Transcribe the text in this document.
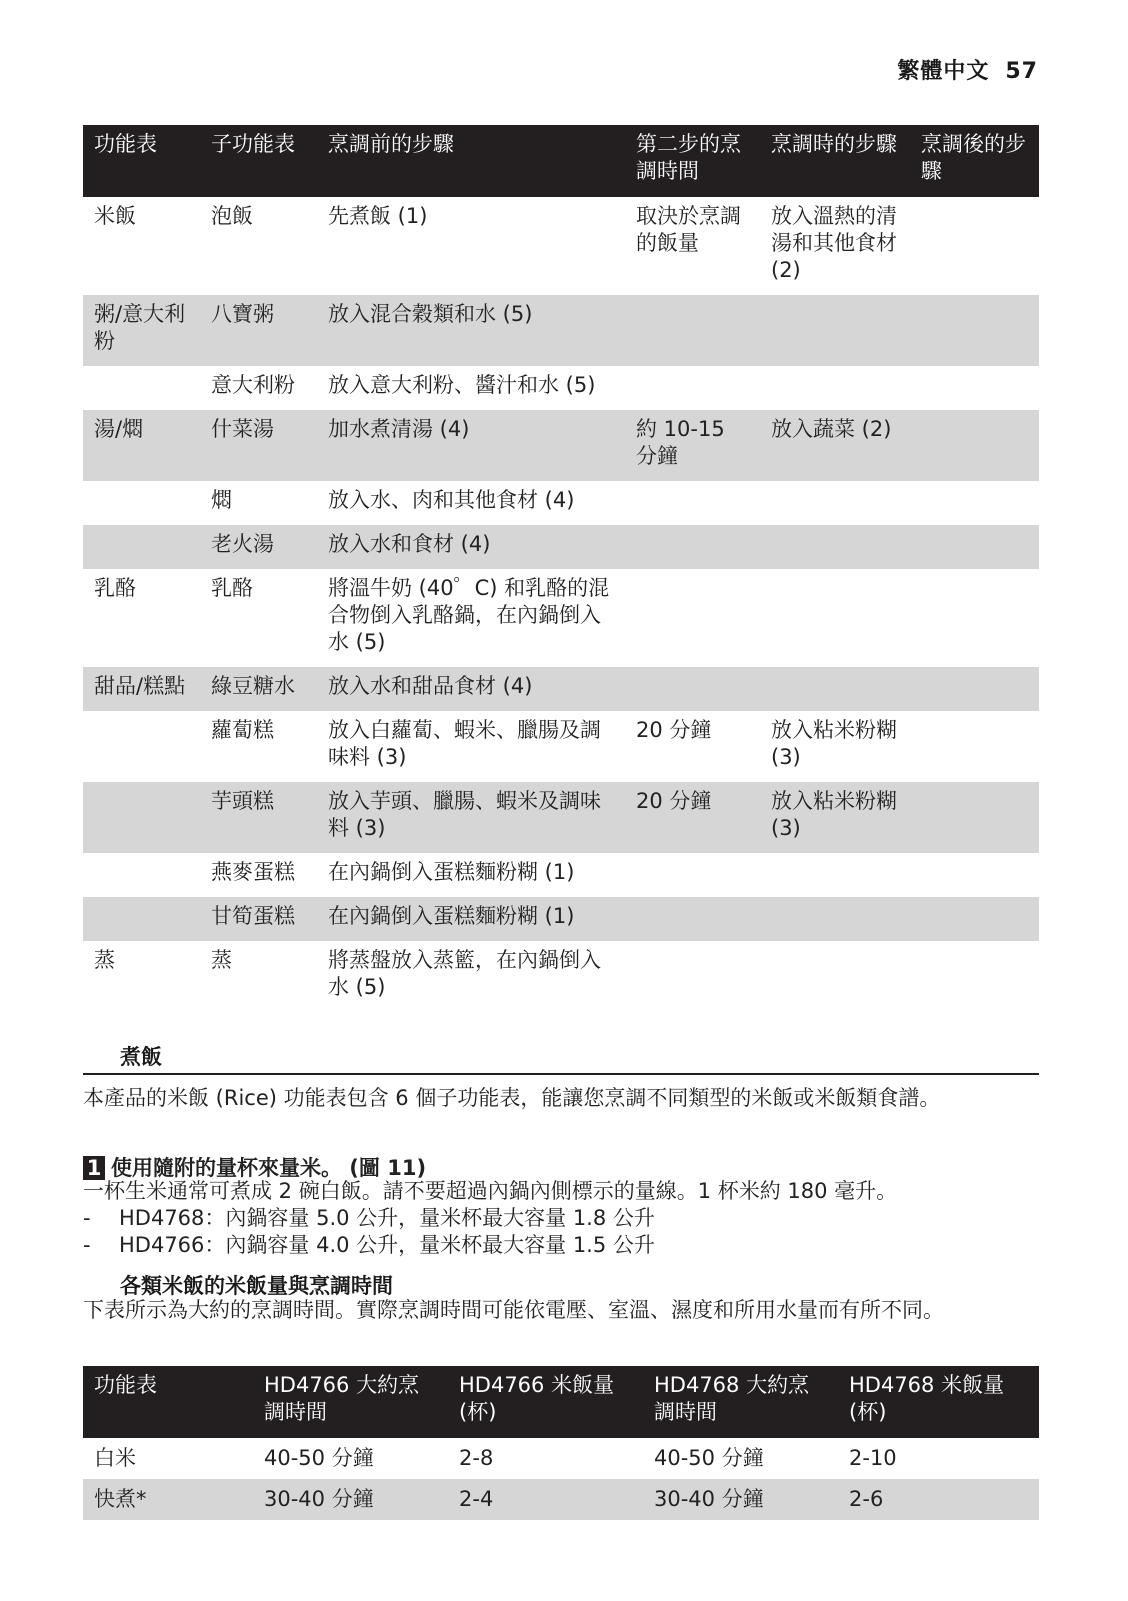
繁體中文 57
功能表	子功能表	烹調前的步驟	第二步的烹調時間	烹調時的步驟	烹調後的步驟
米飯	泡飯	先煮飯 (1)	取決於烹調的飯量	放入溫熱的清湯和其他食材 (2)	
粥/意大利粉	八寶粥	放入混合穀類和水 (5)			
	意大利粉	放入意大利粉、醬汁和水 (5)			
湯/燜	什菜湯	加水煮清湯 (4)	約 10-15 分鐘	放入蔬菜 (2)	
	燜	放入水、肉和其他食材 (4)			
	老火湯	放入水和食材 (4)			
乳酪	乳酪	將溫牛奶 (40゜C) 和乳酪的混合物倒入乳酪鍋，在內鍋倒入水 (5)			
甜品/糕點	綠豆糖水	放入水和甜品食材 (4)			
	蘿蔔糕	放入白蘿蔔、蝦米、臘腸及調味料 (3)	20 分鐘	放入粘米粉糊 (3)	
	芋頭糕	放入芋頭、臘腸、蝦米及調味料 (3)	20 分鐘	放入粘米粉糊 (3)	
	燕麥蛋糕	在內鍋倒入蛋糕麵粉糊 (1)			
	甘筍蛋糕	在內鍋倒入蛋糕麵粉糊 (1)			
蒸	蒸	將蒸盤放入蒸籃，在內鍋倒入水 (5)			
煮飯
本產品的米飯 (Rice) 功能表包含 6 個子功能表，能讓您烹調不同類型的米飯或米飯類食譜。
1 使用隨附的量杯來量米。 (圖 11)
一杯生米通常可煮成 2 碗白飯。請不要超過內鍋內側標示的量線。1 杯米約 180 毫升。
- HD4768：內鍋容量 5.0 公升，量米杯最大容量 1.8 公升
- HD4766：內鍋容量 4.0 公升，量米杯最大容量 1.5 公升
各類米飯的米飯量與烹調時間
下表所示為大約的烹調時間。實際烹調時間可能依電壓、室溫、濕度和所用水量而有所不同。
功能表	HD4766 大約烹調時間	HD4766 米飯量 (杯)	HD4768 大約烹調時間	HD4768 米飯量 (杯)
白米	40-50 分鐘	2-8	40-50 分鐘	2-10
快煮*	30-40 分鐘	2-4	30-40 分鐘	2-6
